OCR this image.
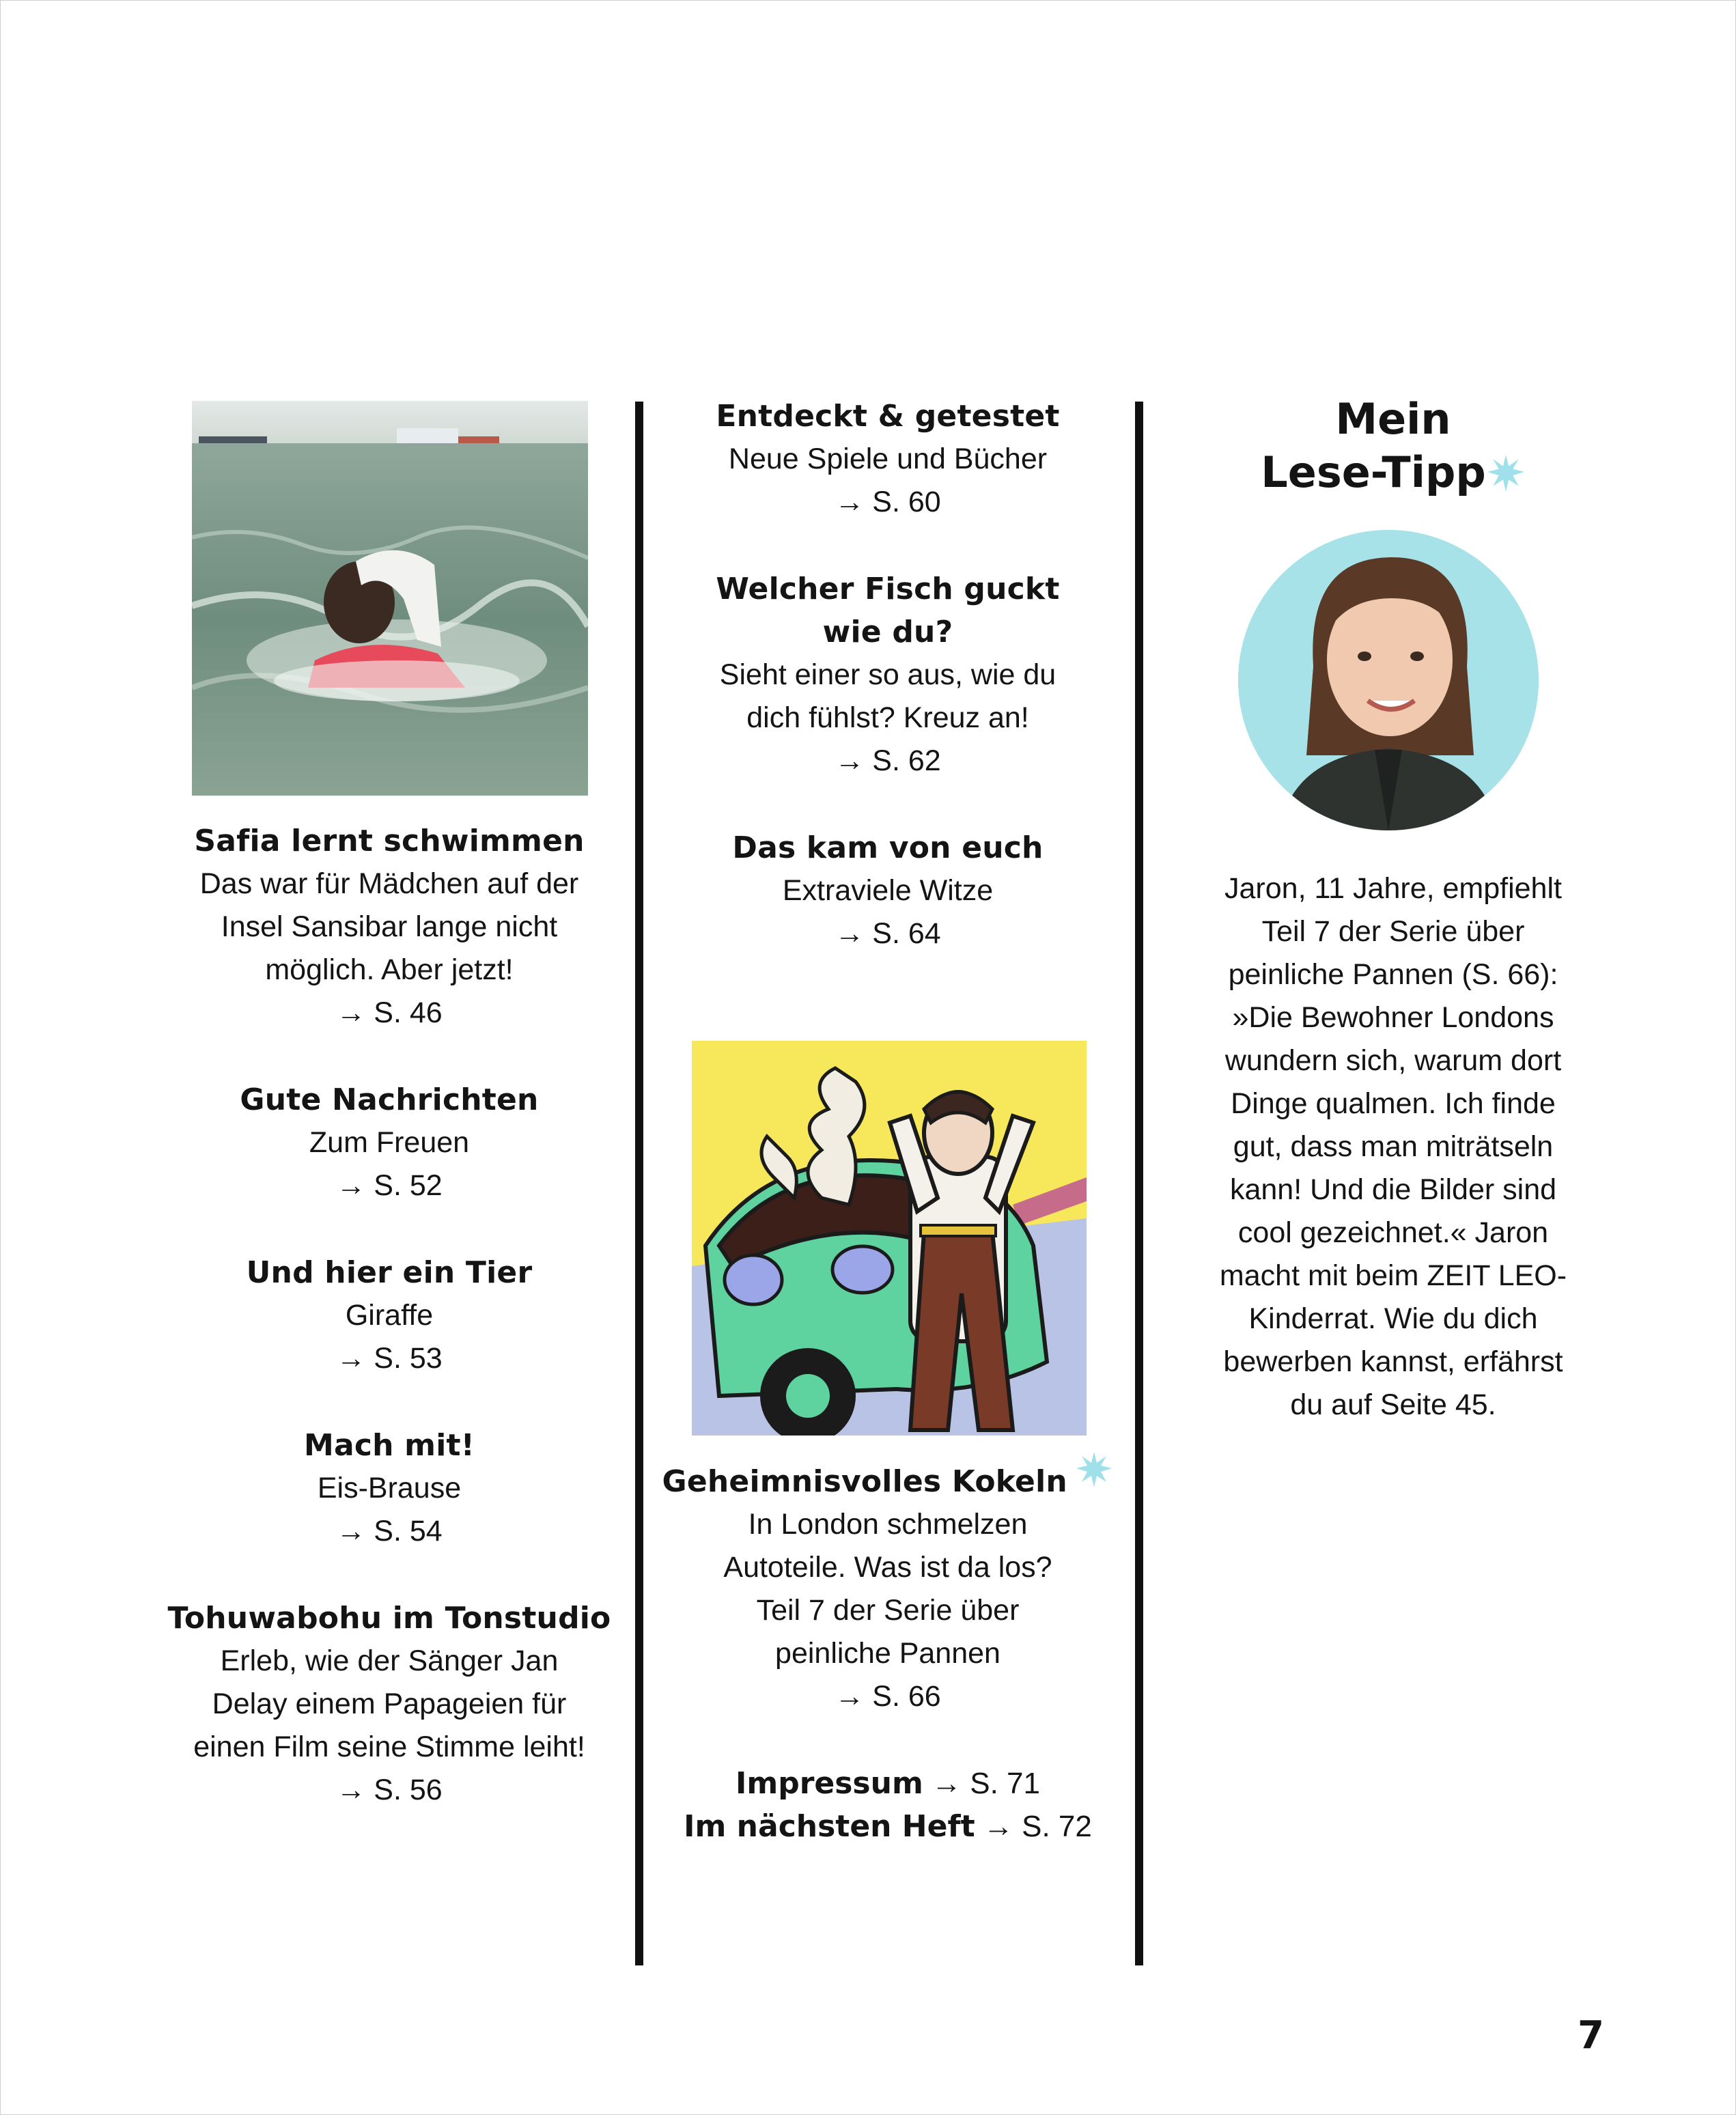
Safia lernt schwimmen
Das war für Mädchen auf der
Insel Sansibar lange nicht
möglich. Aber jetzt!
→ S. 46
Gute Nachrichten
Zum Freuen
→ S. 52
Und hier ein Tier
Giraffe
→ S. 53
Mach mit!
Eis-Brause
→ S. 54
Tohuwabohu im Tonstudio
Erleb, wie der Sänger Jan
Delay einem Papageien für
einen Film seine Stimme leiht!
→ S. 56
Entdeckt & getestet
Neue Spiele und Bücher
→ S. 60
Welcher Fisch guckt
wie du?
Sieht einer so aus, wie du
dich fühlst? Kreuz an!
→ S. 62
Das kam von euch
Extraviele Witze
→ S. 64
Geheimnisvolles Kokeln
In London schmelzen
Autoteile. Was ist da los?
Teil 7 der Serie über
peinliche Pannen
→ S. 66
Impressum → S. 71
Im nächsten Heft → S. 72
Mein
Lese-Tipp
Jaron, 11 Jahre, empfiehlt
Teil 7 der Serie über
peinliche Pannen (S. 66):
»Die Bewohner Londons
wundern sich, warum dort
Dinge qualmen. Ich finde
gut, dass man miträtseln
kann! Und die Bilder sind
cool gezeichnet.« Jaron
macht mit beim ZEIT LEO-
Kinderrat. Wie du dich
bewerben kannst, erfährst
du auf Seite 45.
7
